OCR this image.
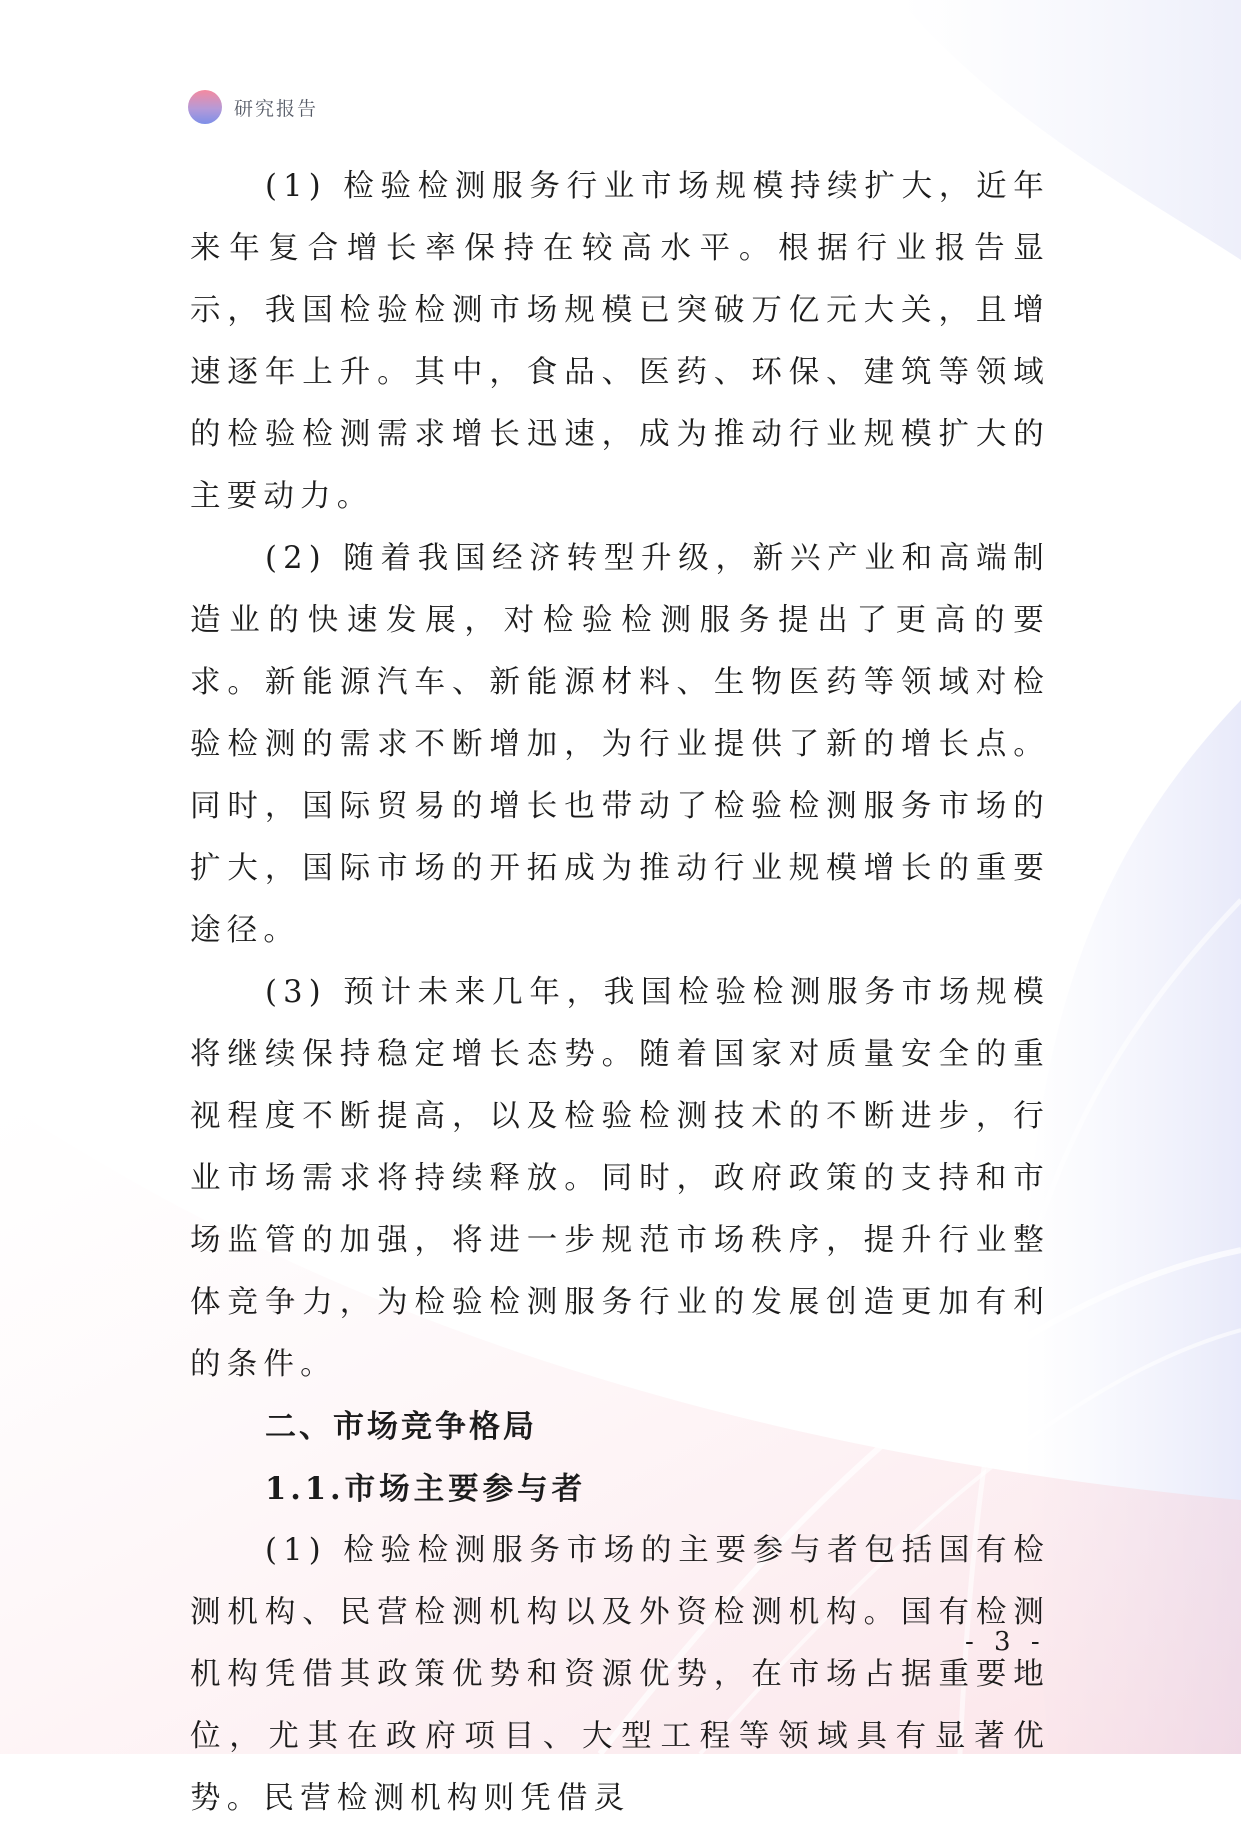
研究报告

(1) 检验检测服务行业市场规模持续扩大，近年来年复合增长率保持在较高水平。根据行业报告显示，我国检验检测市场规模已突破万亿元大关，且增速逐年上升。其中，食品、医药、环保、建筑等领域的检验检测需求增长迅速，成为推动行业规模扩大的主要动力。

(2) 随着我国经济转型升级，新兴产业和高端制造业的快速发展，对检验检测服务提出了更高的要求。新能源汽车、新能源材料、生物医药等领域对检验检测的需求不断增加，为行业提供了新的增长点。同时，国际贸易的增长也带动了检验检测服务市场的扩大，国际市场的开拓成为推动行业规模增长的重要途径。

(3) 预计未来几年，我国检验检测服务市场规模将继续保持稳定增长态势。随着国家对质量安全的重视程度不断提高，以及检验检测技术的不断进步，行业市场需求将持续释放。同时，政府政策的支持和市场监管的加强，将进一步规范市场秩序，提升行业整体竞争力，为检验检测服务行业的发展创造更加有利的条件。

二、市场竞争格局
1.1.市场主要参与者

(1) 检验检测服务市场的主要参与者包括国有检测机构、民营检测机构以及外资检测机构。国有检测机构凭借其政策优势和资源优势，在市场占据重要地位，尤其在政府项目、大型工程等领域具有显著优势。民营检测机构则凭借灵

- 3 -
